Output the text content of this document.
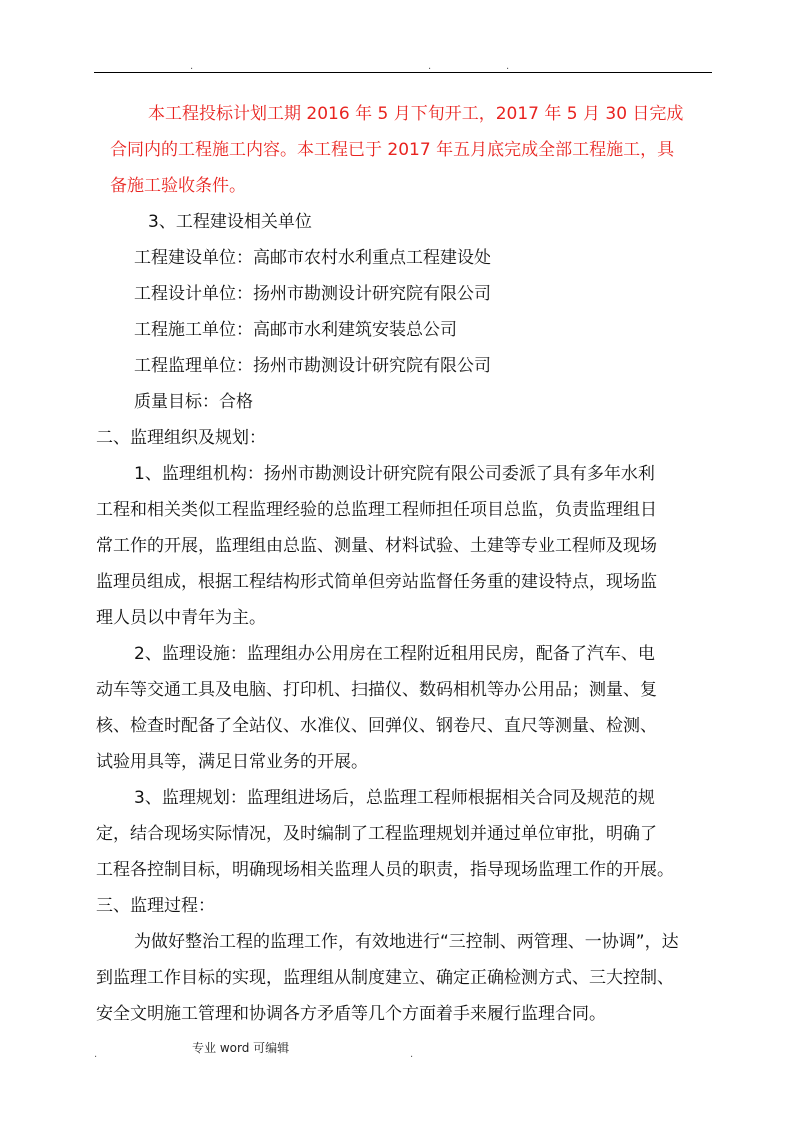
.	.	.

本工程投标计划工期 2016 年 5 月下旬开工，2017 年 5 月 30 日完成

合同内的工程施工内容。本工程已于 2017 年五月底完成全部工程施工，具

备施工验收条件。

3、工程建设相关单位

工程建设单位：高邮市农村水利重点工程建设处

工程设计单位：扬州市勘测设计研究院有限公司

工程施工单位：高邮市水利建筑安装总公司

工程监理单位：扬州市勘测设计研究院有限公司

质量目标：合格

二、监理组织及规划：

1、监理组机构：扬州市勘测设计研究院有限公司委派了具有多年水利

工程和相关类似工程监理经验的总监理工程师担任项目总监，负责监理组日

常工作的开展，监理组由总监、测量、材料试验、土建等专业工程师及现场

监理员组成，根据工程结构形式简单但旁站监督任务重的建设特点，现场监

理人员以中青年为主。

2、监理设施：监理组办公用房在工程附近租用民房，配备了汽车、电

动车等交通工具及电脑、打印机、扫描仪、数码相机等办公用品；测量、复

核、检查时配备了全站仪、水准仪、回弹仪、钢卷尺、直尺等测量、检测、

试验用具等，满足日常业务的开展。

3、监理规划：监理组进场后，总监理工程师根据相关合同及规范的规

定，结合现场实际情况，及时编制了工程监理规划并通过单位审批，明确了

工程各控制目标，明确现场相关监理人员的职责，指导现场监理工作的开展。

三、监理过程：

为做好整治工程的监理工作，有效地进行“三控制、两管理、一协调”，达

到监理工作目标的实现，监理组从制度建立、确定正确检测方式、三大控制、

安全文明施工管理和协调各方矛盾等几个方面着手来履行监理合同。

.	专业 word 可编辑	.
